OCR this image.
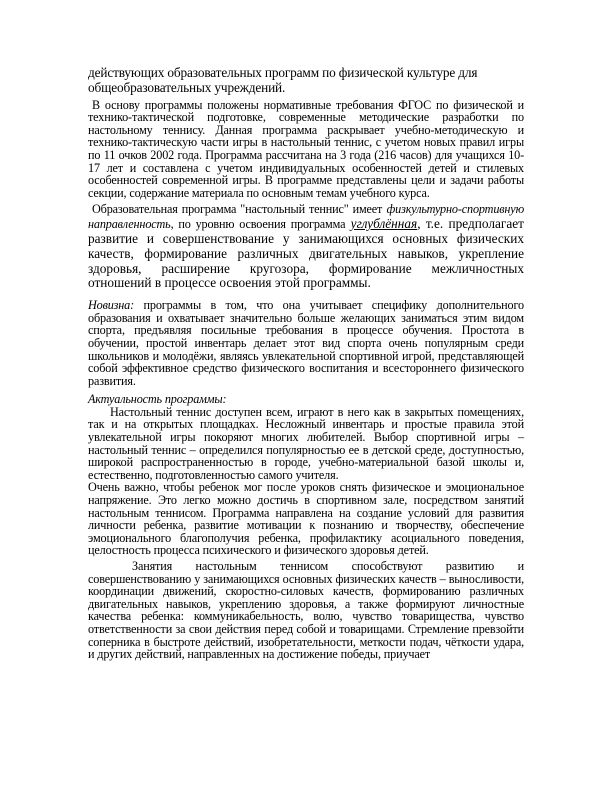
действующих образовательных программ по физической культуре для общеобразовательных учреждений.

В основу программы положены нормативные требования ФГОС по физической и технико-тактической подготовке, современные методические разработки по настольному теннису. Данная программа раскрывает учебно-методическую и технико-тактическую части игры в настольный теннис, с учетом новых правил игры по 11 очков 2002 года. Программа рассчитана на 3 года (216 часов) для учащихся 10-17 лет и составлена с учетом индивидуальных особенностей детей и стилевых особенностей современной игры. В программе представлены цели и задачи работы секции, содержание материала по основным темам учебного курса.

Образовательная программа "настольный теннис" имеет физкультурно-спортивную направленность, по уровню освоения программа углублённая, т.е. предполагает развитие и совершенствование у занимающихся основных физических качеств, формирование различных двигательных навыков, укрепление здоровья, расширение кругозора, формирование межличностных отношений в процессе освоения этой программы.

Новизна: программы в том, что она учитывает специфику дополнительного образования и охватывает значительно больше желающих заниматься этим видом спорта, предъявляя посильные требования в процессе обучения. Простота в обучении, простой инвентарь делает этот вид спорта очень популярным среди школьников и молодёжи, являясь увлекательной спортивной игрой, представляющей собой эффективное средство физического воспитания и всестороннего физического развития.

Актуальность программы:

Настольный теннис доступен всем, играют в него как в закрытых помещениях, так и на открытых площадках. Несложный инвентарь и простые правила этой увлекательной игры покоряют многих любителей. Выбор спортивной игры – настольный теннис – определился популярностью ее в детской среде, доступностью, широкой распространенностью в городе, учебно-материальной базой школы и, естественно, подготовленностью самого учителя.

Очень важно, чтобы ребенок мог после уроков снять физическое и эмоциональное напряжение. Это легко можно достичь в спортивном зале, посредством занятий настольным теннисом. Программа направлена на создание условий для развития личности ребенка, развитие мотивации к познанию и творчеству, обеспечение эмоционального благополучия ребенка, профилактику асоциального поведения, целостность процесса психического и физического здоровья детей.

Занятия настольным теннисом способствуют развитию и совершенствованию у занимающихся основных физических качеств – выносливости, координации движений, скоростно-силовых качеств, формированию различных двигательных навыков, укреплению здоровья, а также формируют личностные качества ребенка: коммуникабельность, волю, чувство товарищества, чувство ответственности за свои действия перед собой и товарищами. Стремление превзойти соперника в быстроте действий, изобретательности, меткости подач, чёткости удара, и других действий, направленных на достижение победы, приучает
